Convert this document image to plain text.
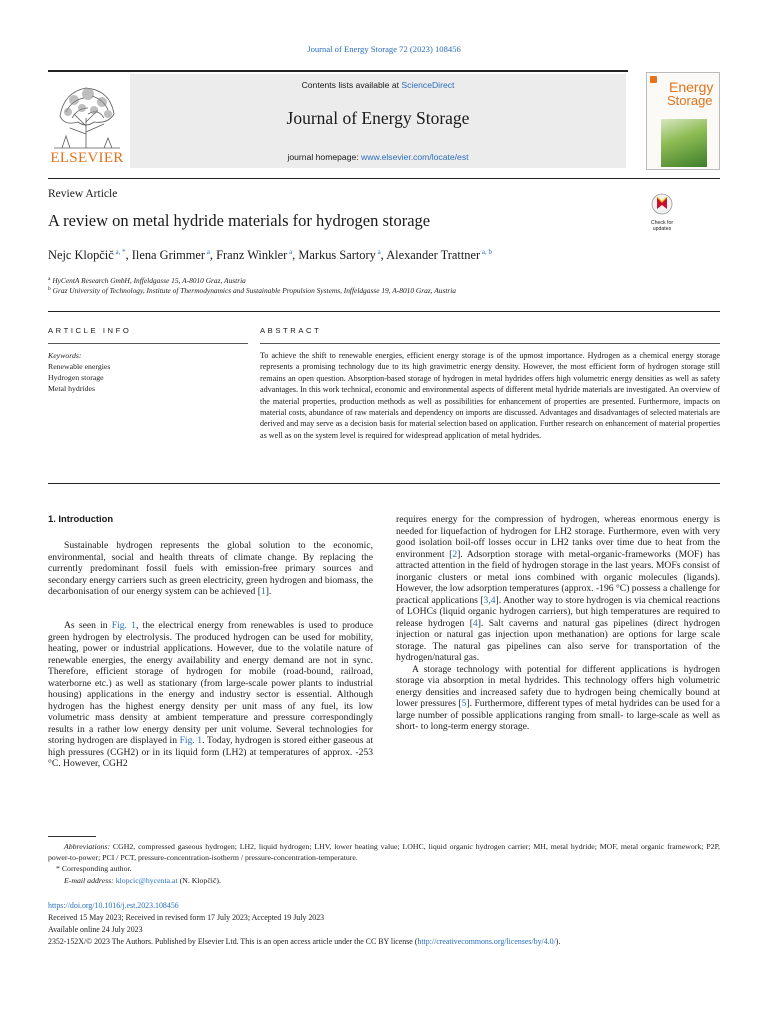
Journal of Energy Storage 72 (2023) 108456
ELSEVIER
Contents lists available at ScienceDirect
Journal of Energy Storage
journal homepage: www.elsevier.com/locate/est
Energy
Storage
Review Article
A review on metal hydride materials for hydrogen storage	Check for
updates
Nejc Klopčič $^{a, *}$, Ilena Grimmer $^a$, Franz Winkler $^a$, Markus Sartory $^a$, Alexander Trattner $^{a, b}$
$^a$ HyCentA Research GmbH, Inffeldgasse 15, A-8010 Graz, Austria
$^b$ Graz University of Technology, Institute of Thermodynamics and Sustainable Propulsion Systems, Inffeldgasse 19, A-8010 Graz, Austria
ARTICLE INFO	ABSTRACT
Keywords:
Renewable energies
Hydrogen storage
Metal hydrides
To achieve the shift to renewable energies, efficient energy storage is of the upmost importance. Hydrogen as a chemical energy storage represents a promising technology due to its high gravimetric energy density. However, the most efficient form of hydrogen storage still remains an open question. Absorption-based storage of hydrogen in metal hydrides offers high volumetric energy densities as well as safety advantages. In this work technical, economic and environmental aspects of different metal hydride materials are investigated. An overview of the material properties, production methods as well as possibilities for enhancement of properties are presented. Furthermore, impacts on material costs, abundance of raw materials and dependency on imports are discussed. Advantages and disadvantages of selected materials are derived and may serve as a decision basis for material selection based on application. Further research on enhancement of material properties as well as on the system level is required for widespread application of metal hydrides.
1. Introduction

Sustainable hydrogen represents the global solution to the economic, environmental, social and health threats of climate change. By replacing the currently predominant fossil fuels with emission-free primary sources and secondary energy carriers such as green electricity, green hydrogen and biomass, the decarbonisation of our energy system can be achieved [1].

As seen in Fig. 1, the electrical energy from renewables is used to produce green hydrogen by electrolysis. The produced hydrogen can be used for mobility, heating, power or industrial applications. However, due to the volatile nature of renewable energies, the energy availability and energy demand are not in sync. Therefore, efficient storage of hydrogen for mobile (road-bound, railroad, waterborne etc.) as well as stationary (from large-scale power plants to industrial housing) applications in the energy and industry sector is essential. Although hydrogen has the highest energy density per unit mass of any fuel, its low volumetric mass density at ambient temperature and pressure correspondingly results in a rather low energy density per unit volume. Several technologies for storing hydrogen are displayed in Fig. 1. Today, hydrogen is stored either gaseous at high pressures (CGH2) or in its liquid form (LH2) at temperatures of approx. -253 °C. However, CGH2

requires energy for the compression of hydrogen, whereas enormous energy is needed for liquefaction of hydrogen for LH2 storage. Furthermore, even with very good isolation boil-off losses occur in LH2 tanks over time due to heat from the environment [2]. Adsorption storage with metal-organic-frameworks (MOF) has attracted attention in the field of hydrogen storage in the last years. MOFs consist of inorganic clusters or metal ions combined with organic molecules (ligands). However, the low adsorption temperatures (approx. -196 °C) possess a challenge for practical applications [3,4]. Another way to store hydrogen is via chemical reactions of LOHCs (liquid organic hydrogen carriers), but high temperatures are required to release hydrogen [4]. Salt caverns and natural gas pipelines (direct hydrogen injection or natural gas injection upon methanation) are options for large scale storage. The natural gas pipelines can also serve for transportation of the hydrogen/natural gas.

A storage technology with potential for different applications is hydrogen storage via absorption in metal hydrides. This technology offers high volumetric energy densities and increased safety due to hydrogen being chemically bound at lower pressures [5]. Furthermore, different types of metal hydrides can be used for a large number of possible applications ranging from small- to large-scale as well as short- to long-term energy storage.

Abbreviations: CGH2, compressed gaseous hydrogen; LH2, liquid hydrogen; LHV, lower heating value; LOHC, liquid organic hydrogen carrier; MH, metal hydride; MOF, metal organic framework; P2P, power-to-power; PCI / PCT, pressure-concentration-isotherm / pressure-concentration-temperature.
* Corresponding author.
E-mail address: klopcic@hycenta.at (N. Klopčič).
https://doi.org/10.1016/j.est.2023.108456
Received 15 May 2023; Received in revised form 17 July 2023; Accepted 19 July 2023
Available online 24 July 2023
2352-152X/© 2023 The Authors. Published by Elsevier Ltd. This is an open access article under the CC BY license (http://creativecommons.org/licenses/by/4.0/).
